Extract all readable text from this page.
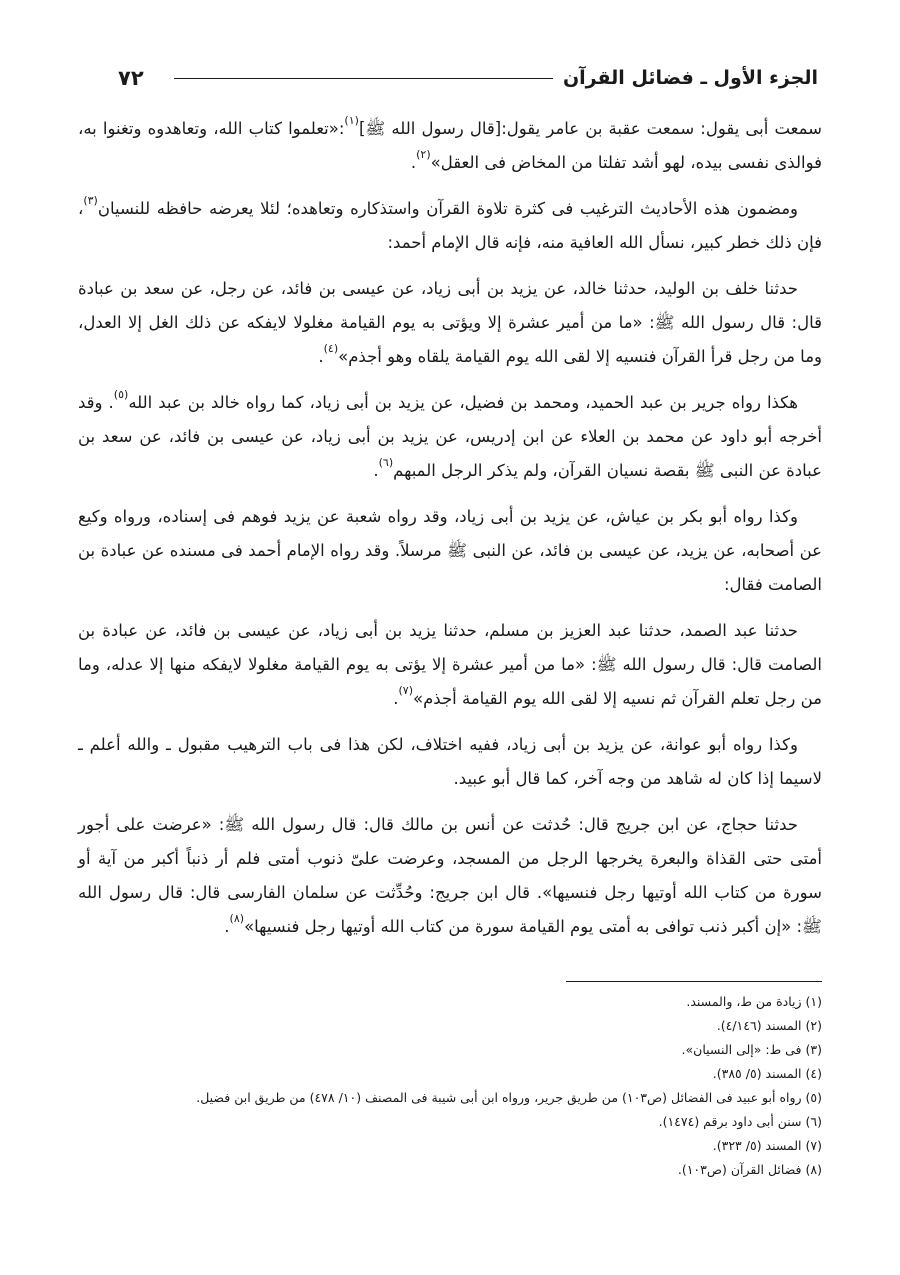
٧٢	الجزء الأول ـ فضائل القرآن

سمعت أبى يقول: سمعت عقبة بن عامر يقول:[قال رسول الله ﷺ]$^{(١)}$:«تعلموا كتاب الله، وتعاهدوه وتغنوا به، فوالذى نفسى بيده، لهو أشد تفلتا من المخاض فى العقل»$^{(٢)}$.

ومضمون هذه الأحاديث الترغيب فى كثرة تلاوة القرآن واستذكاره وتعاهده؛ لئلا يعرضه حافظه للنسيان$^{(٣)}$، فإن ذلك خطر كبير، نسأل الله العافية منه، فإنه قال الإمام أحمد:

حدثنا خلف بن الوليد، حدثنا خالد، عن يزيد بن أبى زياد، عن عيسى بن فائد، عن رجل، عن سعد بن عبادة قال: قال رسول الله ﷺ: «ما من أمير عشرة إلا ويؤتى به يوم القيامة مغلولا لايفكه عن ذلك الغل إلا العدل، وما من رجل قرأ القرآن فنسيه إلا لقى الله يوم القيامة يلقاه وهو أجذم»$^{(٤)}$.

هكذا رواه جرير بن عبد الحميد، ومحمد بن فضيل، عن يزيد بن أبى زياد، كما رواه خالد بن عبد الله$^{(٥)}$. وقد أخرجه أبو داود عن محمد بن العلاء عن ابن إدريس، عن يزيد بن أبى زياد، عن عيسى بن فائد، عن سعد بن عبادة عن النبى ﷺ بقصة نسيان القرآن، ولم يذكر الرجل المبهم$^{(٦)}$.

وكذا رواه أبو بكر بن عياش، عن يزيد بن أبى زياد، وقد رواه شعبة عن يزيد فوهم فى إسناده، ورواه وكيع عن أصحابه، عن يزيد، عن عيسى بن فائد، عن النبى ﷺ مرسلاً. وقد رواه الإمام أحمد فى مسنده عن عبادة بن الصامت فقال:

حدثنا عبد الصمد، حدثنا عبد العزيز بن مسلم، حدثنا يزيد بن أبى زياد، عن عيسى بن فائد، عن عبادة بن الصامت قال: قال رسول الله ﷺ: «ما من أمير عشرة إلا يؤتى به يوم القيامة مغلولا لايفكه منها إلا عدله، وما من رجل تعلم القرآن ثم نسيه إلا لقى الله يوم القيامة أجذم»$^{(٧)}$.

وكذا رواه أبو عوانة، عن يزيد بن أبى زياد، ففيه اختلاف، لكن هذا فى باب الترهيب مقبول ـ والله أعلم ـ لاسيما إذا كان له شاهد من وجه آخر، كما قال أبو عبيد.

حدثنا حجاج، عن ابن جريج قال: حُدثت عن أنس بن مالك قال: قال رسول الله ﷺ: «عرضت على أجور أمتى حتى القذاة والبعرة يخرجها الرجل من المسجد، وعرضت علىّ ذنوب أمتى فلم أر ذنباً أكبر من آية أو سورة من كتاب الله أوتيها رجل فنسيها». قال ابن جريج: وحُدِّثت عن سلمان الفارسى قال: قال رسول الله ﷺ: «إن أكبر ذنب توافى به أمتى يوم القيامة سورة من كتاب الله أوتيها رجل فنسيها»$^{(٨)}$.

(١) زيادة من ط، والمسند.
(٢) المسند (٤/١٤٦).
(٣) فى ط: «إلى النسيان».
(٤) المسند (٥/ ٣٨٥).
(٥) رواه أبو عبيد فى الفضائل (ص١٠٣) من طريق جرير، ورواه ابن أبى شيبة فى المصنف (١٠/ ٤٧٨) من طريق ابن فضيل.
(٦) سنن أبى داود برقم (١٤٧٤).
(٧) المسند (٥/ ٣٢٣).
(٨) فضائل القرآن (ص١٠٣).
